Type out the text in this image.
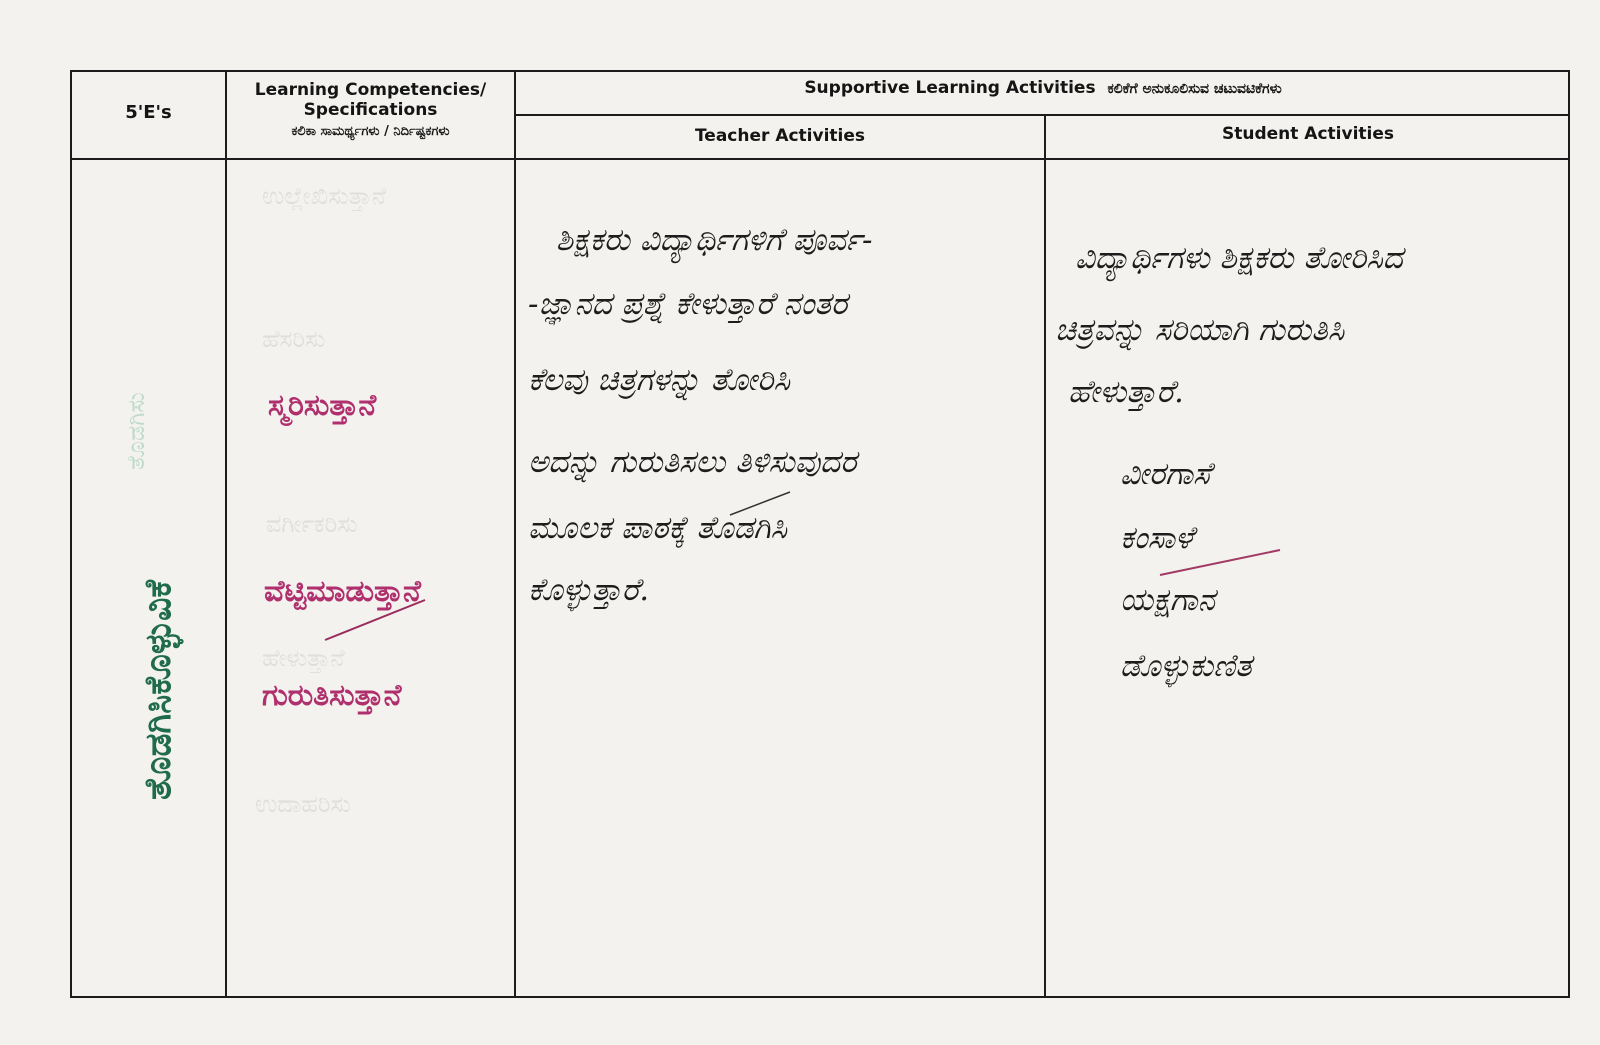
5'E's
Learning Competencies/
Specifications
ಕಲಿಕಾ ಸಾಮರ್ಥ್ಯಗಳು / ನಿರ್ದಿಷ್ಟಕಗಳು
Supportive Learning Activities ಕಲಿಕೆಗೆ ಅನುಕೂಲಿಸುವ ಚಟುವಟಿಕೆಗಳು
Teacher Activities	Student Activities
ತೊಡಗಿಸಿಕೊಳ್ಳುವಿಕೆ
ತೊಡಗಿಸು
ಉಲ್ಲೇಖಿಸುತ್ತಾನೆ
ಹೆಸರಿಸು
ಸ್ಮರಿಸುತ್ತಾನೆ
ವರ್ಗೀಕರಿಸು
ವೆಟ್ಟಿಮಾಡುತ್ತಾನೆ
ಹೇಳುತ್ತಾನೆ
ಗುರುತಿಸುತ್ತಾನೆ
ಉದಾಹರಿಸು
ಶಿಕ್ಷಕರು ವಿದ್ಯಾರ್ಥಿಗಳಿಗೆ ಪೂರ್ವ-
-ಜ್ಞಾನದ ಪ್ರಶ್ನೆ ಕೇಳುತ್ತಾರೆ ನಂತರ
ಕೆಲವು ಚಿತ್ರಗಳನ್ನು ತೋರಿಸಿ
ಅದನ್ನು ಗುರುತಿಸಲು ತಿಳಿಸುವುದರ
ಮೂಲಕ ಪಾಠಕ್ಕೆ ತೊಡಗಿಸಿ
ಕೊಳ್ಳುತ್ತಾರೆ.
ವಿದ್ಯಾರ್ಥಿಗಳು ಶಿಕ್ಷಕರು ತೋರಿಸಿದ
ಚಿತ್ರವನ್ನು ಸರಿಯಾಗಿ ಗುರುತಿಸಿ
ಹೇಳುತ್ತಾರೆ.
ವೀರಗಾಸೆ
ಕಂಸಾಳೆ
ಯಕ್ಷಗಾನ
ಡೊಳ್ಳುಕುಣಿತ
